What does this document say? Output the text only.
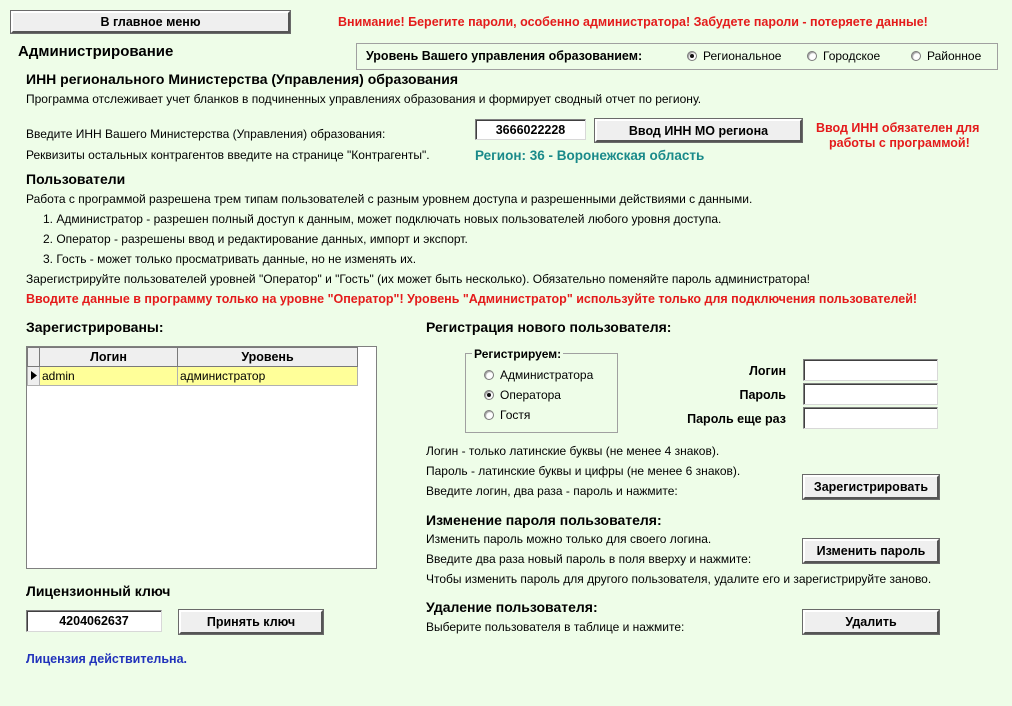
В главное меню	Внимание! Берегите пароли, особенно администратора! Забудете пароли - потеряете данные!
Администрирование	Уровень Вашего управления образованием:	Региональное	Городское	Районное
ИНН регионального Министерства (Управления) образования
Программа отслеживает учет бланков в подчиненных управлениях образования и формирует сводный отчет по региону.
Введите ИНН Вашего Министерства (Управления) образования:	3666022228	Ввод ИНН МО региона	Ввод ИНН обязателен для
работы с программой!
Реквизиты остальных контрагентов введите на странице "Контрагенты".	Регион: 36 - Воронежская область
Пользователи
Работа с программой разрешена трем типам пользователей с разным уровнем доступа и разрешенными действиями с данными.
1. Администратор - разрешен полный доступ к данным, может подключать новых пользователей любого уровня доступа.
2. Оператор - разрешены ввод и редактирование данных, импорт и экспорт.
3. Гость - может только просматривать данные, но не изменять их.
Зарегистрируйте пользователей уровней "Оператор" и "Гость" (их может быть несколько). Обязательно поменяйте пароль администратора!
Вводите данные в программу только на уровне "Оператор"! Уровень "Администратор" используйте только для подключения пользователей!
Зарегистрированы:
	Логин	Уровень
	admin	администратор
Лицензионный ключ
4204062637	Принять ключ
Лицензия действительна.
Регистрация нового пользователя:
Регистрируем:
Администратора
Оператора
Гостя
Логин
Пароль
Пароль еще раз
Логин - только латинские буквы (не менее 4 знаков).
Пароль - латинские буквы и цифры (не менее 6 знаков).
Введите логин, два раза - пароль и нажмите:	Зарегистрировать
Изменение пароля пользователя:
Изменить пароль можно только для своего логина.
Введите два раза новый пароль в поля вверху и нажмите:
Изменить пароль
Чтобы изменить пароль для другого пользователя, удалите его и зарегистрируйте заново.
Удаление пользователя:
Выберите пользователя в таблице и нажмите:	Удалить
